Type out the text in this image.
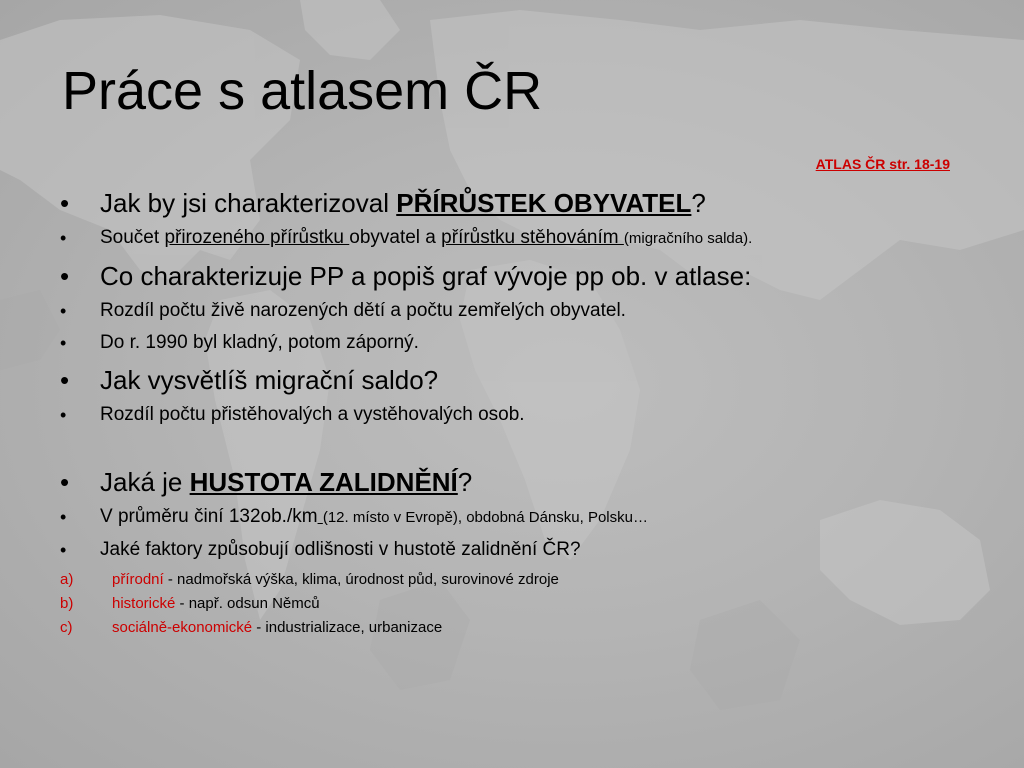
Práce s atlasem ČR
ATLAS ČR str. 18-19
• Jak by jsi charakterizoval PŘÍRŮSTEK OBYVATEL?
• Součet přirozeného přírůstku obyvatel a přírůstku stěhováním (migračního salda).
• Co charakterizuje PP a popiš graf vývoje pp ob. v atlase:
• Rozdíl počtu živě narozených dětí a počtu zemřelých obyvatel.
• Do r. 1990 byl kladný, potom záporný.
• Jak vysvětlíš migrační saldo?
• Rozdíl počtu přistěhovalých a vystěhovalých osob.
• Jaká je HUSTOTA ZALIDNĚNÍ?
• V průměru činí 132ob./km (12. místo v Evropě), obdobná Dánsku, Polsku…
• Jaké faktory způsobují odlišnosti v hustotě zalidnění ČR?
a)	přírodní - nadmořská výška, klima, úrodnost půd, surovinové zdroje
b)	historické - např. odsun Němců
c)	sociálně-ekonomické - industrializace, urbanizace
